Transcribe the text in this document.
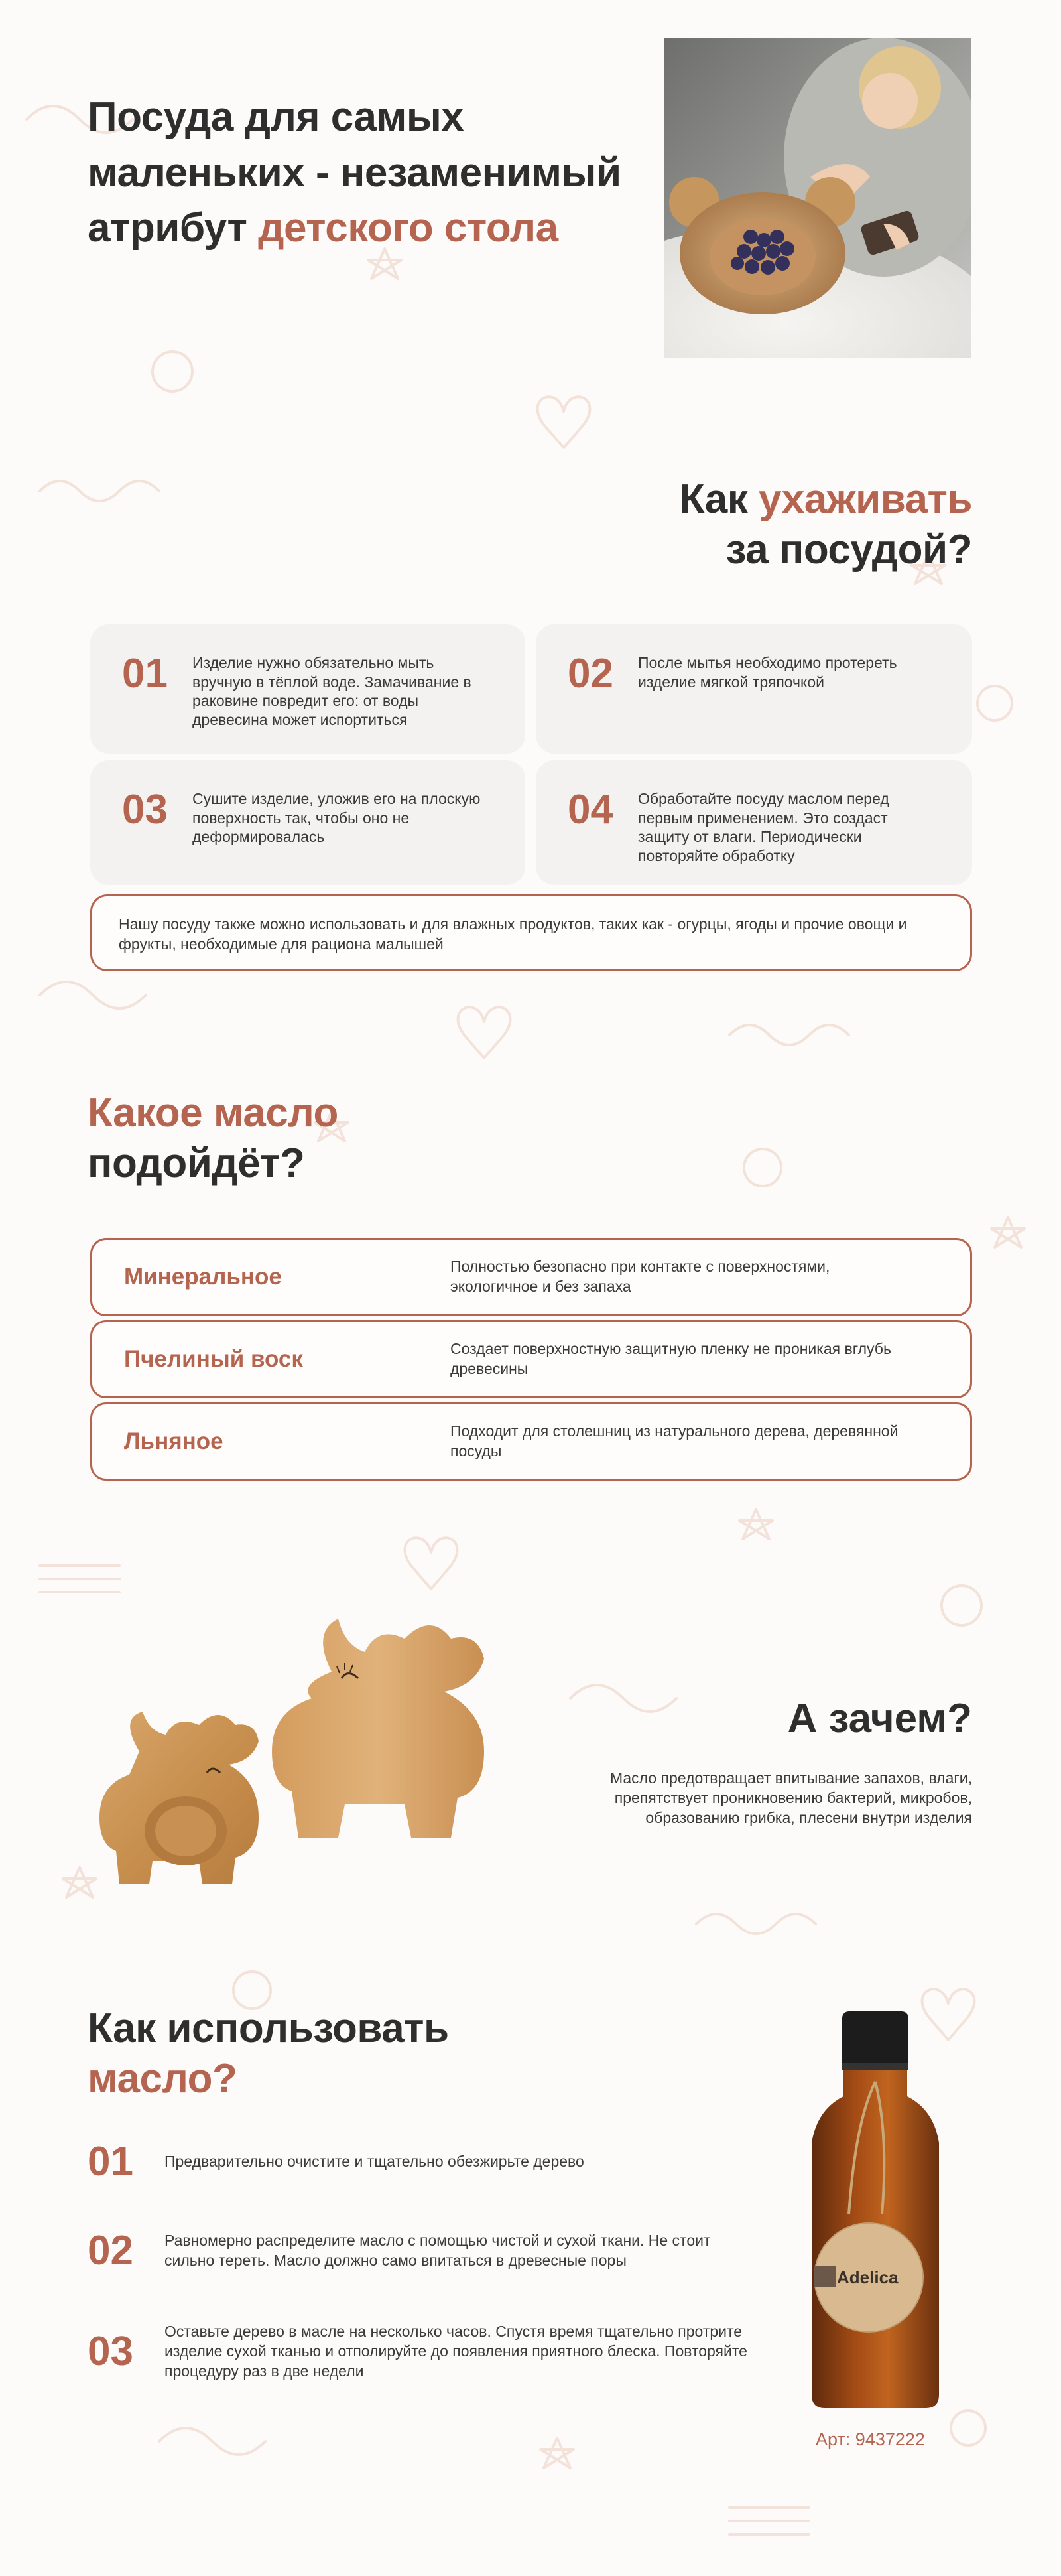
Посуда для самых
маленьких - незаменимый
атрибут детского стола
Как ухаживать
за посудой?
01	Изделие нужно обязательно мыть вручную в тёплой воде. Замачивание в раковине повредит его: от воды древесина может испортиться
02	После мытья необходимо протереть изделие мягкой тряпочкой
03	Сушите изделие, уложив его на плоскую поверхность так, чтобы оно не деформировалась
04	Обработайте посуду маслом перед первым применением. Это создаст защиту от влаги. Периодически повторяйте обработку
Нашу посуду также можно использовать и для влажных продуктов, таких как - огурцы, ягоды и прочие овощи и фрукты, необходимые для рациона малышей
Какое масло
подойдёт?
Минеральное	Полностью безопасно при контакте с поверхностями, экологичное и без запаха
Пчелиный воск	Создает поверхностную защитную пленку не проникая вглубь древесины
Льняное	Подходит для столешниц из натурального дерева, деревянной посуды
А зачем?
Масло предотвращает впитывание запахов, влаги, препятствует проникновению бактерий, микробов, образованию грибка, плесени внутри изделия
Как использовать
масло?
01	Предварительно очистите и тщательно обезжирьте дерево
02	Равномерно распределите масло с помощью чистой и сухой ткани. Не стоит сильно тереть. Масло должно само впитаться в древесные поры
03	Оставьте дерево в масле на несколько часов. Спустя время тщательно протрите изделие сухой тканью и отполируйте до появления приятного блеска. Повторяйте процедуру раз в две недели
Adelica
Арт: 9437222
